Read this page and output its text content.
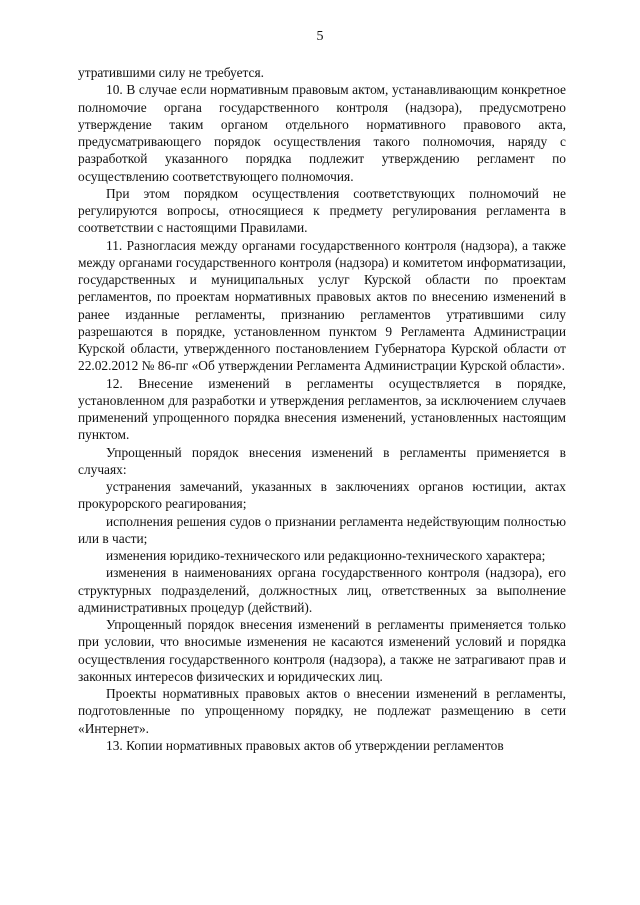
5

утратившими силу не требуется.

10. В случае если нормативным правовым актом, устанавливающим конкретное полномочие органа государственного контроля (надзора), предусмотрено утверждение таким органом отдельного нормативного правового акта, предусматривающего порядок осуществления такого полномочия, наряду с разработкой указанного порядка подлежит утверждению регламент по осуществлению соответствующего полномочия.

При этом порядком осуществления соответствующих полномочий не регулируются вопросы, относящиеся к предмету регулирования регламента в соответствии с настоящими Правилами.

11. Разногласия между органами государственного контроля (надзора), а также между органами государственного контроля (надзора) и комитетом информатизации, государственных и муниципальных услуг Курской области по проектам регламентов, по проектам нормативных правовых актов по внесению изменений в ранее изданные регламенты, признанию регламентов утратившими силу разрешаются в порядке, установленном пунктом 9 Регламента Администрации Курской области, утвержденного постановлением Губернатора Курской области от 22.02.2012 № 86-пг «Об утверждении Регламента Администрации Курской области».

12. Внесение изменений в регламенты осуществляется в порядке, установленном для разработки и утверждения регламентов, за исключением случаев применений упрощенного порядка внесения изменений, установленных настоящим пунктом.

Упрощенный порядок внесения изменений в регламенты применяется в случаях:

устранения замечаний, указанных в заключениях органов юстиции, актах прокурорского реагирования;

исполнения решения судов о признании регламента недействующим полностью или в части;

изменения юридико-технического или редакционно-технического характера;

изменения в наименованиях органа государственного контроля (надзора), его структурных подразделений, должностных лиц, ответственных за выполнение административных процедур (действий).

Упрощенный порядок внесения изменений в регламенты применяется только при условии, что вносимые изменения не касаются изменений условий и порядка осуществления государственного контроля (надзора), а также не затрагивают прав и законных интересов физических и юридических лиц.

Проекты нормативных правовых актов о внесении изменений в регламенты, подготовленные по упрощенному порядку, не подлежат размещению в сети «Интернет».

13. Копии нормативных правовых актов об утверждении регламентов
